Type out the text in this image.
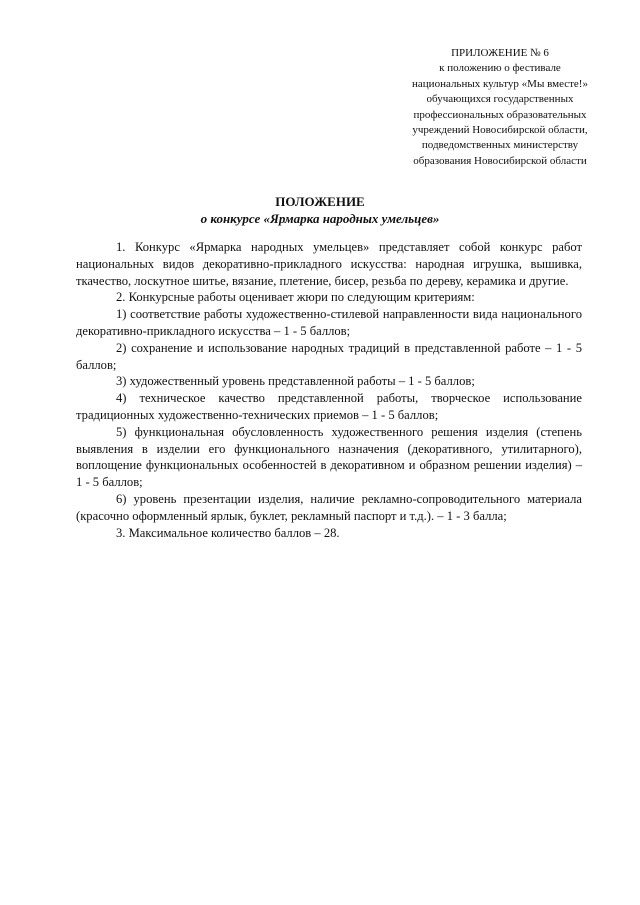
ПРИЛОЖЕНИЕ № 6
к положению о фестивале
национальных культур «Мы вместе!»
обучающихся государственных
профессиональных образовательных
учреждений Новосибирской области,
подведомственных министерству
образования Новосибирской области
ПОЛОЖЕНИЕ
о конкурсе «Ярмарка народных умельцев»

1. Конкурс «Ярмарка народных умельцев» представляет собой конкурс работ национальных видов декоративно-прикладного искусства: народная игрушка, вышивка, ткачество, лоскутное шитье, вязание, плетение, бисер, резьба по дереву, керамика и другие.

2. Конкурсные работы оценивает жюри по следующим критериям:

1) соответствие работы художественно-стилевой направленности вида национального декоративно-прикладного искусства – 1 - 5 баллов;

2) сохранение и использование народных традиций в представленной работе – 1 - 5 баллов;

3) художественный уровень представленной работы – 1 - 5 баллов;

4) техническое качество представленной работы, творческое использование традиционных художественно-технических приемов – 1 - 5 баллов;

5) функциональная обусловленность художественного решения изделия (степень выявления в изделии его функционального назначения (декоративного, утилитарного), воплощение функциональных особенностей в декоративном и образном решении изделия) – 1 - 5 баллов;

6) уровень презентации изделия, наличие рекламно-сопроводительного материала (красочно оформленный ярлык, буклет, рекламный паспорт и т.д.). – 1 - 3 балла;

3. Максимальное количество баллов – 28.
